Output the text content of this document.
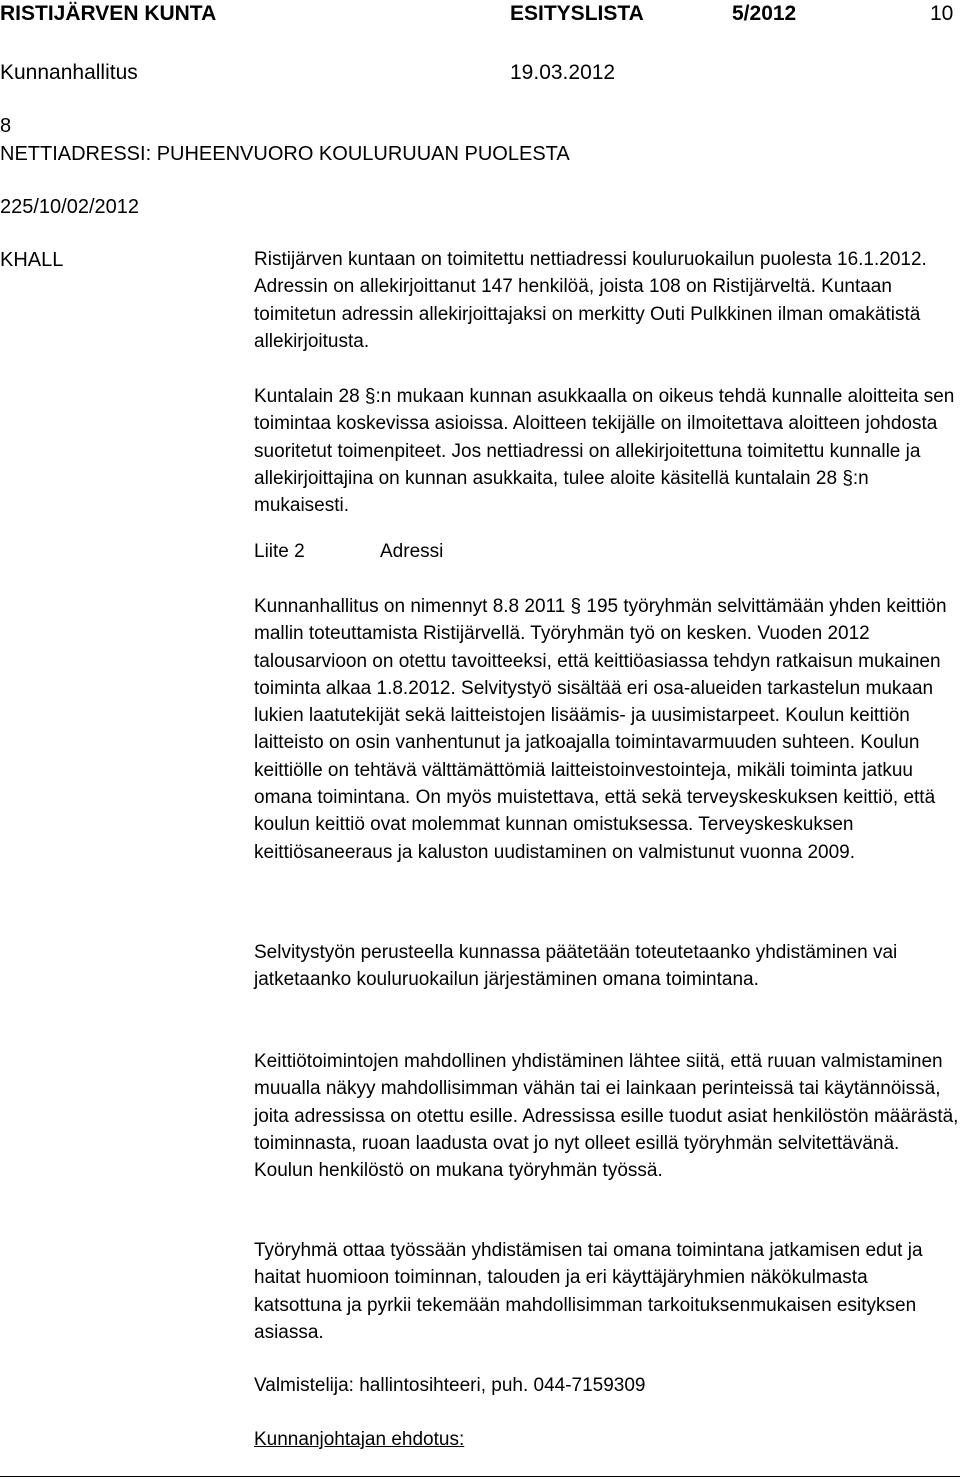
RISTIJÄRVEN KUNTA	ESITYSLISTA	5/2012	10
Kunnanhallitus	19.03.2012
8
NETTIADRESSI: PUHEENVUORO KOULURUUAN PUOLESTA
225/10/02/2012
KHALL	Ristijärven kuntaan on toimitettu nettiadressi kouluruokailun puolesta 16.1.2012. Adressin on allekirjoittanut 147 henkilöä, joista 108 on Ristijärveltä. Kuntaan toimitetun adressin allekirjoittajaksi on merkitty Outi Pulkkinen ilman omakätistä allekirjoitusta.

Kuntalain 28 §:n mukaan kunnan asukkaalla on oikeus tehdä kunnalle aloitteita sen toimintaa koskevissa asioissa. Aloitteen tekijälle on ilmoitettava aloitteen johdosta suoritetut toimenpiteet. Jos nettiadressi on allekirjoitettuna toimitettu kunnalle ja allekirjoittajina on kunnan asukkaita, tulee aloite käsitellä kuntalain 28 §:n mukaisesti.

Liite 2	Adressi

Kunnanhallitus on nimennyt 8.8 2011 § 195 työryhmän selvittämään yhden keittiön mallin toteuttamista Ristijärvellä. Työryhmän työ on kesken. Vuoden 2012 talousarvioon on otettu tavoitteeksi, että keittiöasiassa tehdyn ratkaisun mukainen toiminta alkaa 1.8.2012. Selvitystyö sisältää eri osa-alueiden tarkastelun mukaan lukien laatutekijät sekä laitteistojen lisäämis- ja uusimistarpeet. Koulun keittiön laitteisto on osin vanhentunut ja jatkoajalla toimintavarmuuden suhteen. Koulun keittiölle on tehtävä välttämättömiä laitteistoinvestointeja, mikäli toiminta jatkuu omana toimintana. On myös muistettava, että sekä terveyskeskuksen keittiö, että koulun keittiö ovat molemmat kunnan omistuksessa. Terveyskeskuksen keittiösaneeraus ja kaluston uudistaminen on valmistunut vuonna 2009.

Selvitystyön perusteella kunnassa päätetään toteutetaanko yhdistäminen vai jatketaanko kouluruokailun järjestäminen omana toimintana.

Keittiötoimintojen mahdollinen yhdistäminen lähtee siitä, että ruuan valmistaminen muualla näkyy mahdollisimman vähän tai ei lainkaan perinteissä tai käytännöissä, joita adressissa on otettu esille. Adressissa esille tuodut asiat henkilöstön määrästä, toiminnasta, ruoan laadusta ovat jo nyt olleet esillä työryhmän selvitettävänä. Koulun henkilöstö on mukana työryhmän työssä.

Työryhmä ottaa työssään yhdistämisen tai omana toimintana jatkamisen edut ja haitat huomioon toiminnan, talouden ja eri käyttäjäryhmien näkökulmasta katsottuna ja pyrkii tekemään mahdollisimman tarkoituksenmukaisen esityksen asiassa.

Valmistelija: hallintosihteeri, puh. 044-7159309

Kunnanjohtajan ehdotus:
